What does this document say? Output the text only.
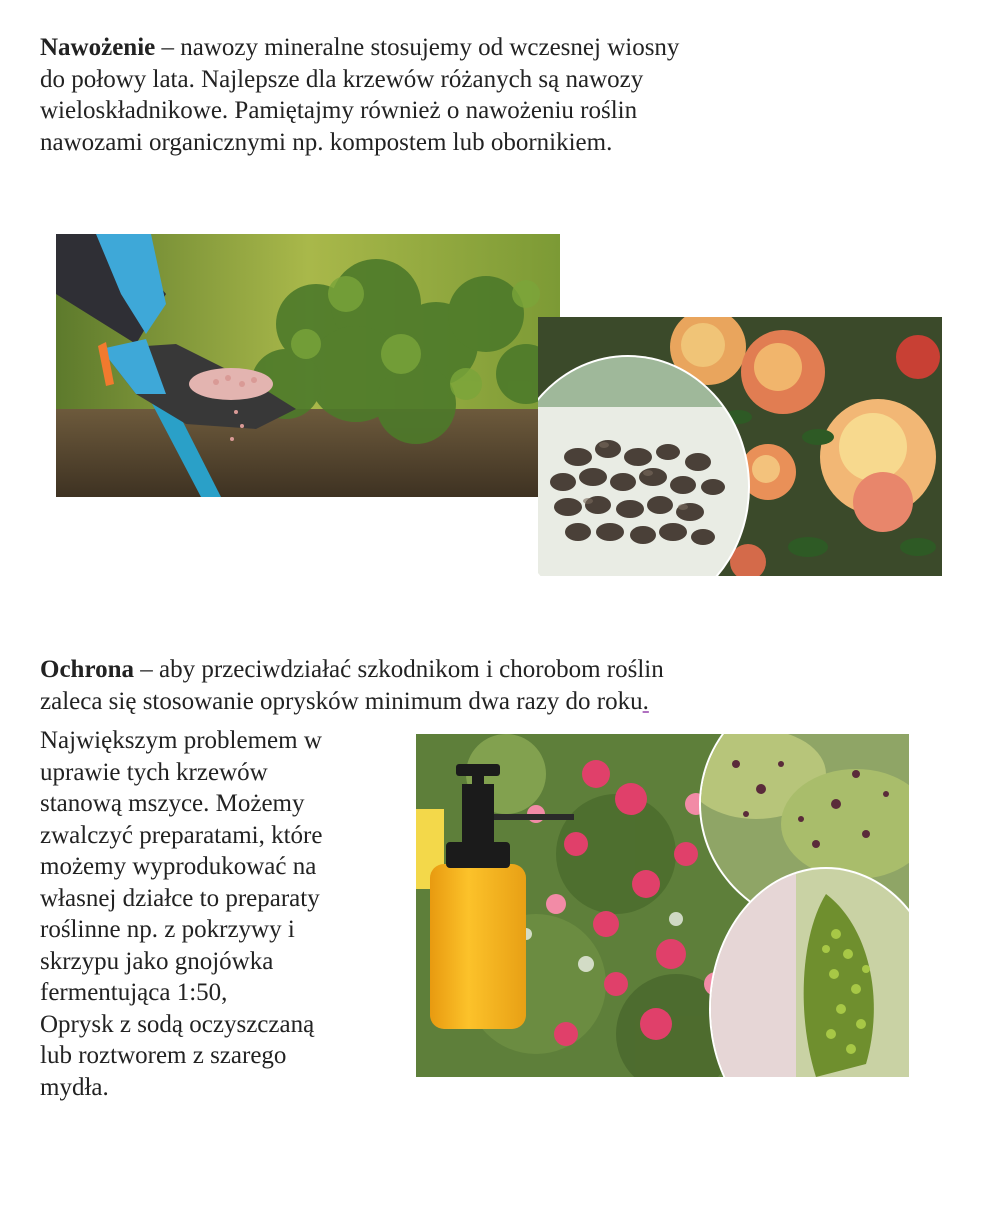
Nawożenie – nawozy mineralne stosujemy od wczesnej wiosny
do połowy lata. Najlepsze dla krzewów różanych są nawozy
wieloskładnikowe. Pamiętajmy również o nawożeniu roślin
nawozami organicznymi np. kompostem lub obornikiem.
Ochrona – aby przeciwdziałać szkodnikom i chorobom roślin
zaleca się stosowanie oprysków minimum dwa razy do roku.
Największym problemem w
uprawie tych krzewów
stanową mszyce. Możemy
zwalczyć preparatami, które
możemy wyprodukować na
własnej działce to preparaty
roślinne np. z pokrzywy i
skrzypu jako gnojówka
fermentująca 1:50,
Oprysk z sodą oczyszczaną
lub roztworem z szarego
mydła.
